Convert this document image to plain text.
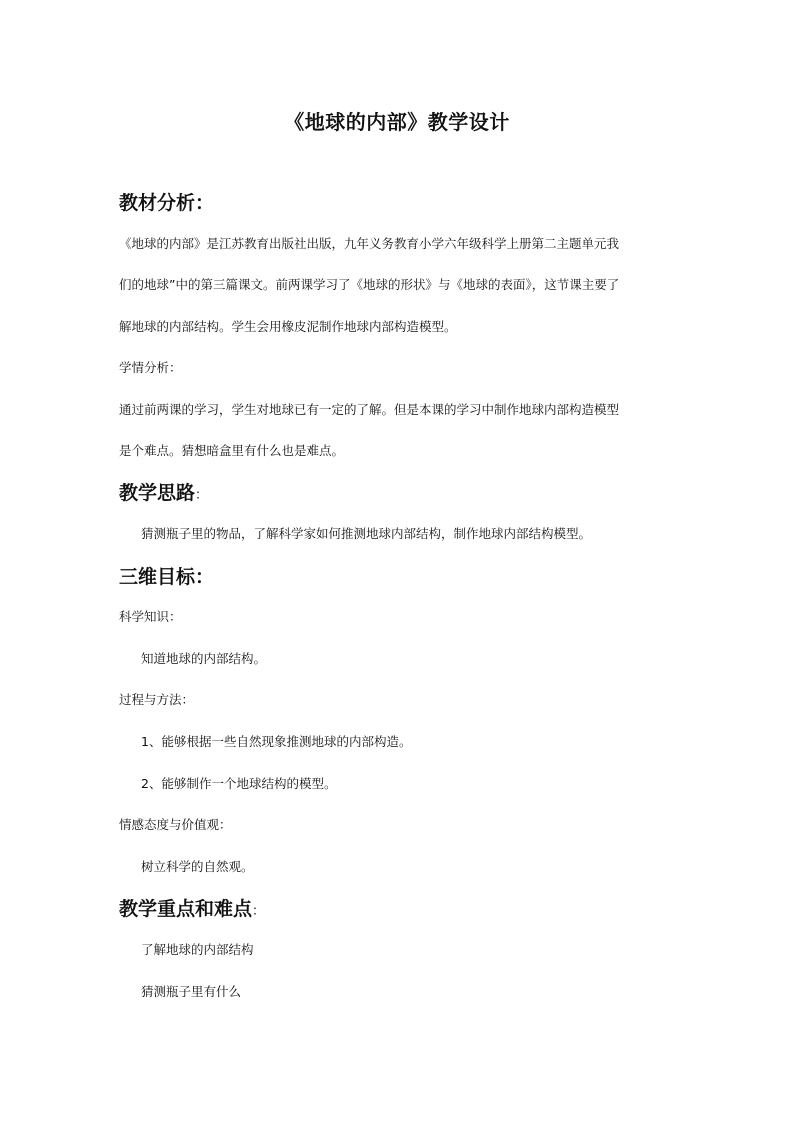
《地球的内部》教学设计
教材分析：
《地球的内部》是江苏教育出版社出版，九年义务教育小学六年级科学上册第二主题单元我
们的地球”中的第三篇课文。前两课学习了《地球的形状》与《地球的表面》，这节课主要了
解地球的内部结构。学生会用橡皮泥制作地球内部构造模型。
学情分析：
通过前两课的学习，学生对地球已有一定的了解。但是本课的学习中制作地球内部构造模型
是个难点。猜想暗盒里有什么也是难点。
教学思路：
猜测瓶子里的物品，了解科学家如何推测地球内部结构，制作地球内部结构模型。
三维目标：
科学知识：
知道地球的内部结构。
过程与方法：
1、能够根据一些自然现象推测地球的内部构造。
2、能够制作一个地球结构的模型。
情感态度与价值观：
树立科学的自然观。
教学重点和难点：
了解地球的内部结构
猜测瓶子里有什么
